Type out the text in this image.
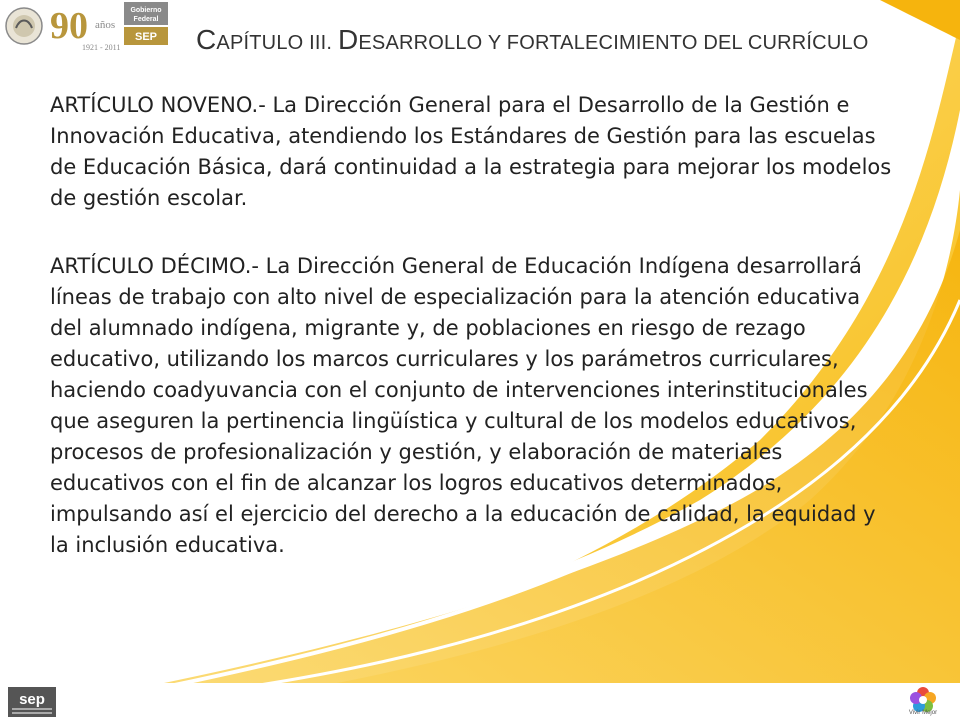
90 años
1921 - 2011
Gobierno
Federal
SEP CAPÍTULO III. DESARROLLO Y FORTALECIMIENTO DEL CURRÍCULO

ARTÍCULO NOVENO.- La Dirección General para el Desarrollo de la Gestión e Innovación Educativa, atendiendo los Estándares de Gestión para las escuelas de Educación Básica, dará continuidad a la estrategia para mejorar los modelos de gestión escolar.

ARTÍCULO DÉCIMO.- La Dirección General de Educación Indígena desarrollará líneas de trabajo con alto nivel de especialización para la atención educativa del alumnado indígena, migrante y, de poblaciones en riesgo de rezago educativo, utilizando los marcos curriculares y los parámetros curriculares, haciendo coadyuvancia con el conjunto de intervenciones interinstitucionales que aseguren la pertinencia lingüística y cultural de los modelos educativos, procesos de profesionalización y gestión, y elaboración de materiales educativos con el fin de alcanzar los logros educativos determinados, impulsando así el ejercicio del derecho a la educación de calidad, la equidad y la inclusión educativa.

sep
Vivir Mejor
